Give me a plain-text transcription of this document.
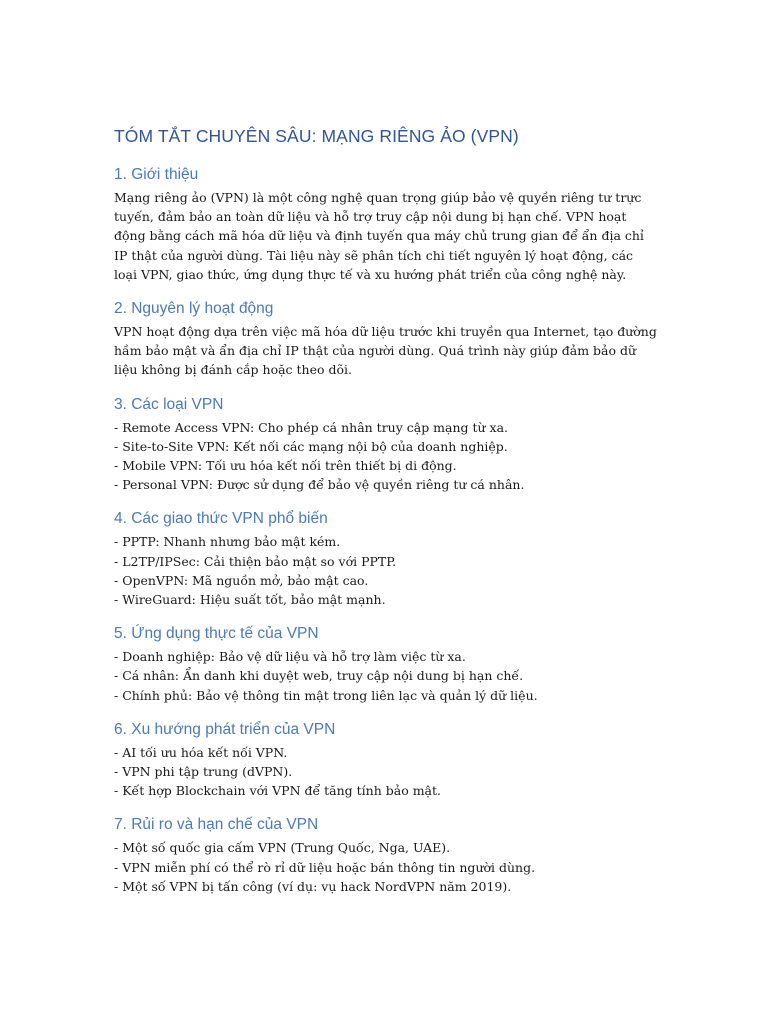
TÓM TẮT CHUYÊN SÂU: MẠNG RIÊNG ẢO (VPN)
1. Giới thiệu

Mạng riêng ảo (VPN) là một công nghệ quan trọng giúp bảo vệ quyền riêng tư trực tuyến, đảm bảo an toàn dữ liệu và hỗ trợ truy cập nội dung bị hạn chế. VPN hoạt động bằng cách mã hóa dữ liệu và định tuyến qua máy chủ trung gian để ẩn địa chỉ IP thật của người dùng. Tài liệu này sẽ phân tích chi tiết nguyên lý hoạt động, các loại VPN, giao thức, ứng dụng thực tế và xu hướng phát triển của công nghệ này.

2. Nguyên lý hoạt động

VPN hoạt động dựa trên việc mã hóa dữ liệu trước khi truyền qua Internet, tạo đường hầm bảo mật và ẩn địa chỉ IP thật của người dùng. Quá trình này giúp đảm bảo dữ liệu không bị đánh cắp hoặc theo dõi.

3. Các loại VPN
- Remote Access VPN: Cho phép cá nhân truy cập mạng từ xa.
- Site-to-Site VPN: Kết nối các mạng nội bộ của doanh nghiệp.
- Mobile VPN: Tối ưu hóa kết nối trên thiết bị di động.
- Personal VPN: Được sử dụng để bảo vệ quyền riêng tư cá nhân.
4. Các giao thức VPN phổ biến
- PPTP: Nhanh nhưng bảo mật kém.
- L2TP/IPSec: Cải thiện bảo mật so với PPTP.
- OpenVPN: Mã nguồn mở, bảo mật cao.
- WireGuard: Hiệu suất tốt, bảo mật mạnh.
5. Ứng dụng thực tế của VPN
- Doanh nghiệp: Bảo vệ dữ liệu và hỗ trợ làm việc từ xa.
- Cá nhân: Ẩn danh khi duyệt web, truy cập nội dung bị hạn chế.
- Chính phủ: Bảo vệ thông tin mật trong liên lạc và quản lý dữ liệu.
6. Xu hướng phát triển của VPN
- AI tối ưu hóa kết nối VPN.
- VPN phi tập trung (dVPN).
- Kết hợp Blockchain với VPN để tăng tính bảo mật.
7. Rủi ro và hạn chế của VPN
- Một số quốc gia cấm VPN (Trung Quốc, Nga, UAE).
- VPN miễn phí có thể rò rỉ dữ liệu hoặc bán thông tin người dùng.
- Một số VPN bị tấn công (ví dụ: vụ hack NordVPN năm 2019).
